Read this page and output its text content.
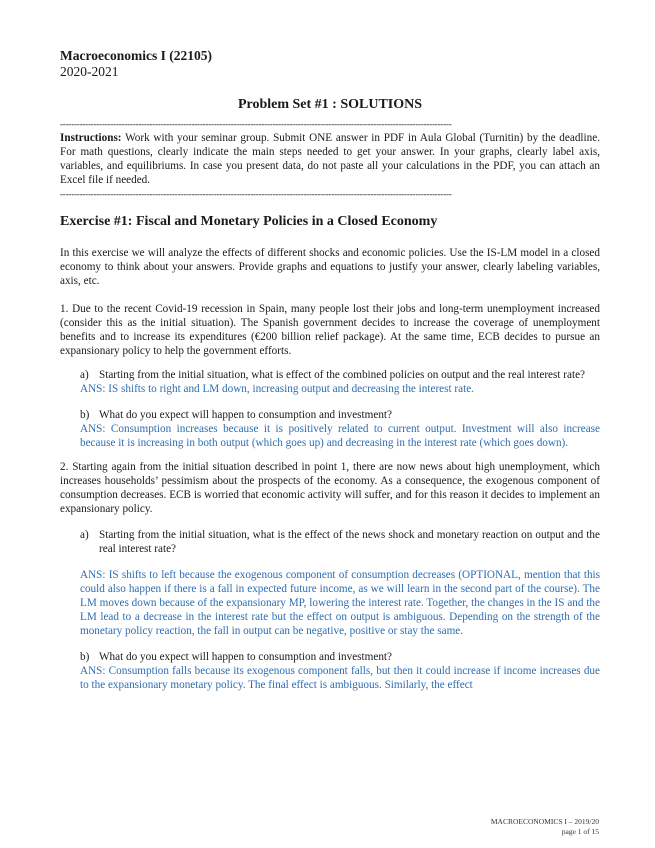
Macroeconomics I (22105)
2020-2021
Problem Set #1 : SOLUTIONS
--------------------------------------------------------------------------------------------------------------------------------------------
Instructions: Work with your seminar group. Submit ONE answer in PDF in Aula Global (Turnitin) by the deadline. For math questions, clearly indicate the main steps needed to get your answer. In your graphs, clearly label axis, variables, and equilibriums. In case you present data, do not paste all your calculations in the PDF, you can attach an Excel file if needed.
--------------------------------------------------------------------------------------------------------------------------------------------
Exercise #1: Fiscal and Monetary Policies in a Closed Economy
In this exercise we will analyze the effects of different shocks and economic policies. Use the IS-LM model in a closed economy to think about your answers. Provide graphs and equations to justify your answer, clearly labeling variables, axis, etc.
1. Due to the recent Covid-19 recession in Spain, many people lost their jobs and long-term unemployment increased (consider this as the initial situation). The Spanish government decides to increase the coverage of unemployment benefits and to increase its expenditures (€200 billion relief package). At the same time, ECB decides to pursue an expansionary policy to help the government efforts.
a) Starting from the initial situation, what is effect of the combined policies on output and the real interest rate?
ANS: IS shifts to right and LM down, increasing output and decreasing the interest rate.
b) What do you expect will happen to consumption and investment?
ANS: Consumption increases because it is positively related to current output. Investment will also increase because it is increasing in both output (which goes up) and decreasing in the interest rate (which goes down).
2. Starting again from the initial situation described in point 1, there are now news about high unemployment, which increases households’ pessimism about the prospects of the economy. As a consequence, the exogenous component of consumption decreases. ECB is worried that economic activity will suffer, and for this reason it decides to implement an expansionary policy.
a) Starting from the initial situation, what is the effect of the news shock and monetary reaction on output and the real interest rate?
ANS: IS shifts to left because the exogenous component of consumption decreases (OPTIONAL, mention that this could also happen if there is a fall in expected future income, as we will learn in the second part of the course). The LM moves down because of the expansionary MP, lowering the interest rate. Together, the changes in the IS and the LM lead to a decrease in the interest rate but the effect on output is ambiguous. Depending on the strength of the monetary policy reaction, the fall in output can be negative, positive or stay the same.
b) What do you expect will happen to consumption and investment?
ANS: Consumption falls because its exogenous component falls, but then it could increase if income increases due to the expansionary monetary policy. The final effect is ambiguous. Similarly, the effect
MACROECONOMICS I – 2019/20
page 1 of 15
